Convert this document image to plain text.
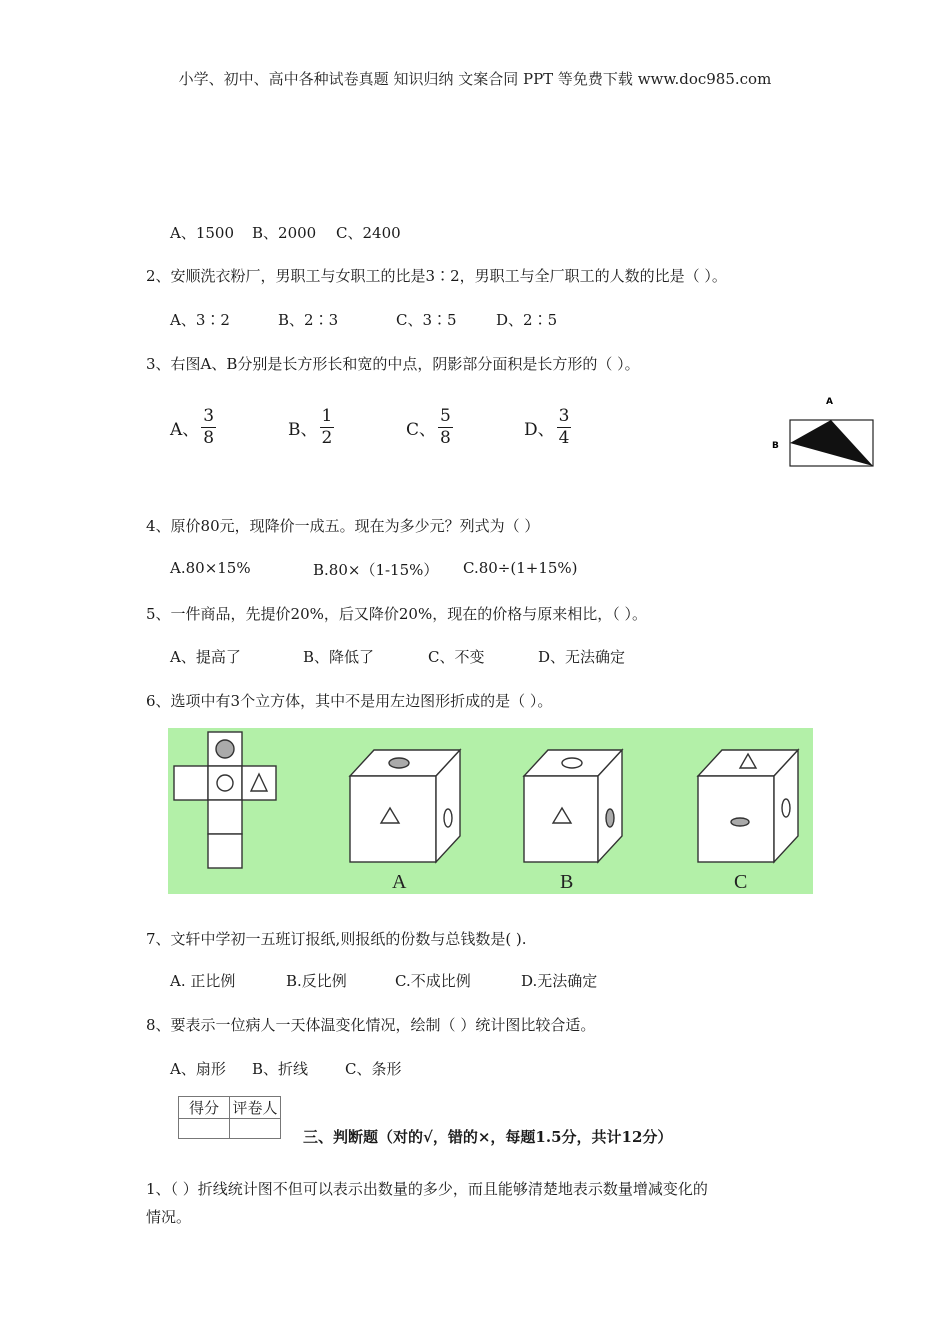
小学、初中、高中各种试卷真题 知识归纳 文案合同 PPT 等免费下载 www.doc985.com
A、1500 B、2000 C、2400
2、安顺洗衣粉厂，男职工与女职工的比是3∶2，男职工与全厂职工的人数的比是（ ）。
A、3∶2	B、2∶3	C、3∶5	D、2∶5
3、右图A、B分别是长方形长和宽的中点，阴影部分面积是长方形的（ ）。
A、 $\frac{3}{8}$	B、 $\frac{1}{2}$	C、 $\frac{5}{8}$	D、 $\frac{3}{4}$
A
B
4、原价80元，现降价一成五。现在为多少元？列式为（ ）
A.80×15%	B.80×（1-15%） C.80÷(1+15%)
5、一件商品，先提价20%，后又降价20%，现在的价格与原来相比，（ ）。
A、提高了	B、降低了	C、不变	D、无法确定
6、选项中有3个立方体，其中不是用左边图形折成的是（ ）。
A	B	C
7、文轩中学初一五班订报纸,则报纸的份数与总钱数是( ).
A. 正比例	B.反比例	C.不成比例	D.无法确定
8、要表示一位病人一天体温变化情况，绘制（ ）统计图比较合适。
A、扇形 B、折线 C、条形
得分	评卷人

三、判断题（对的√，错的×，每题1.5分，共计12分）
1、（ ）折线统计图不但可以表示出数量的多少，而且能够清楚地表示数量增减变化的
情况。
